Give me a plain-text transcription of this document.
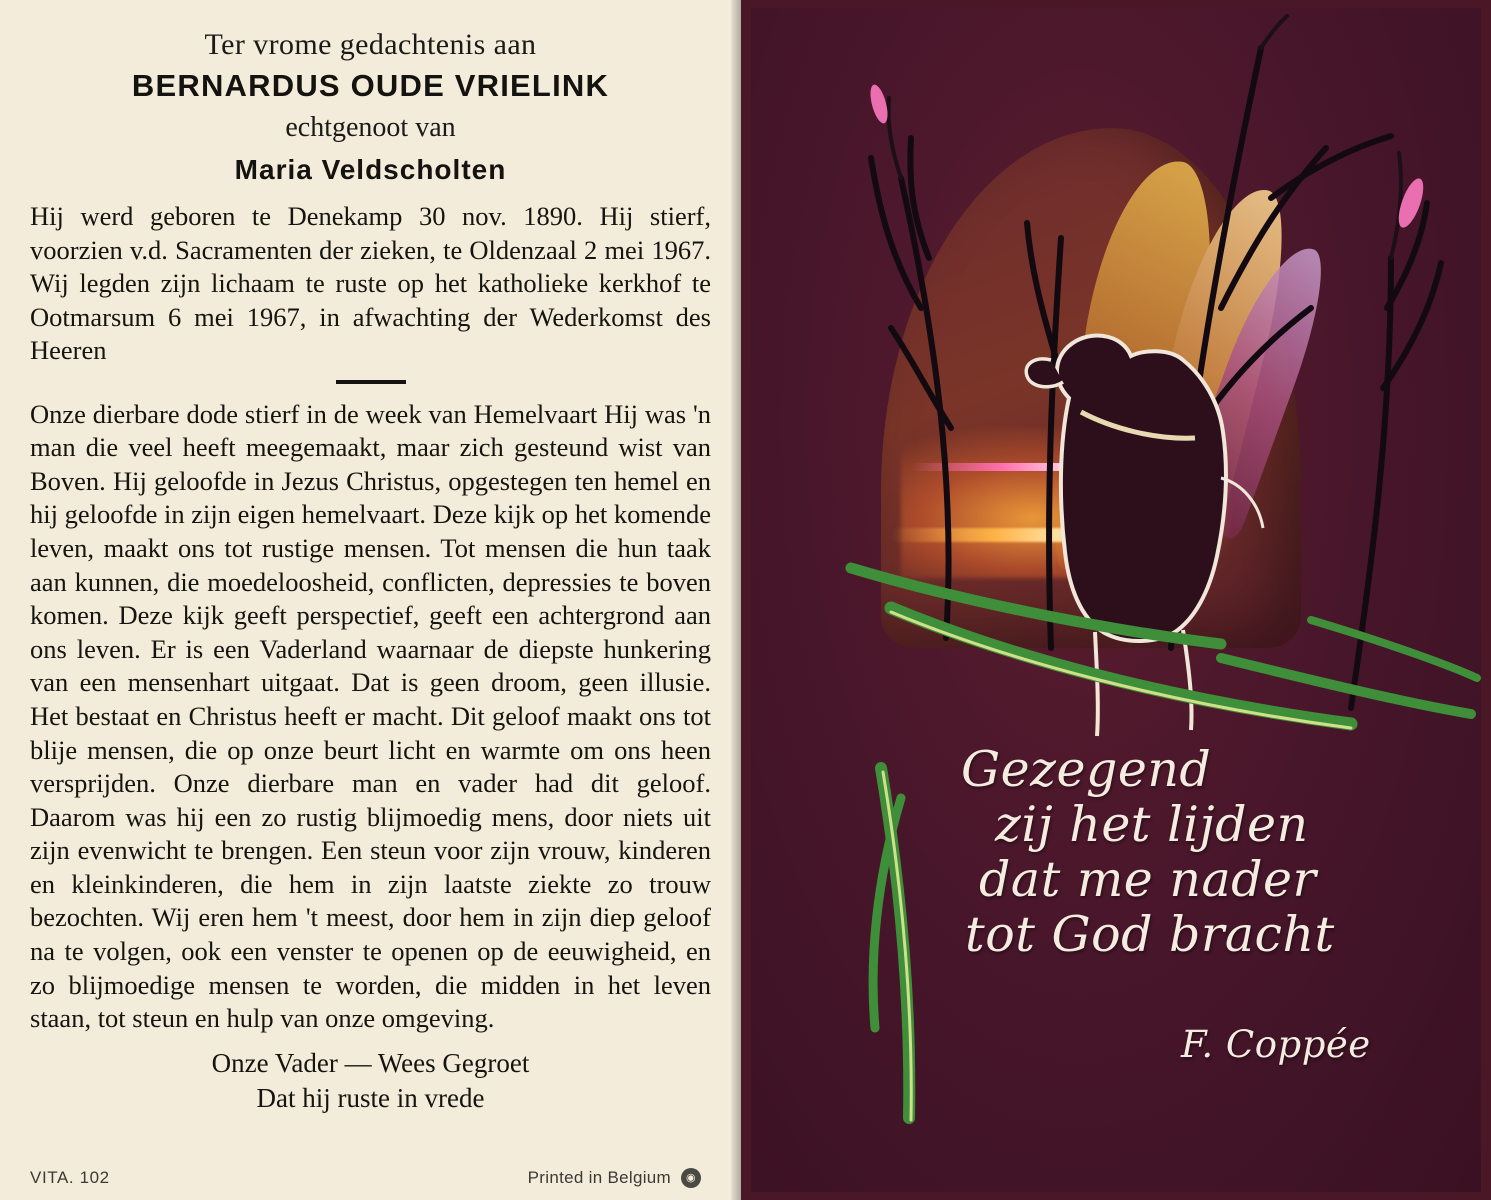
Ter vrome gedachtenis aan
BERNARDUS OUDE VRIELINK
echtgenoot van
Maria Veldscholten
Hij werd geboren te Denekamp 30 nov. 1890. Hij stierf, voorzien v.d. Sacramenten der zieken, te Oldenzaal 2 mei 1967. Wij legden zijn lichaam te ruste op het katholieke kerkhof te Ootmarsum 6 mei 1967, in afwachting der Wederkomst des Heeren
Onze dierbare dode stierf in de week van Hemelvaart Hij was 'n man die veel heeft meegemaakt, maar zich gesteund wist van Boven. Hij geloofde in Jezus Christus, opgestegen ten hemel en hij geloofde in zijn eigen hemelvaart. Deze kijk op het komende leven, maakt ons tot rustige mensen. Tot mensen die hun taak aan kunnen, die moedeloosheid, conflicten, depressies te boven komen. Deze kijk geeft perspectief, geeft een achtergrond aan ons leven. Er is een Vaderland waarnaar de diepste hunkering van een mensenhart uitgaat. Dat is geen droom, geen illusie. Het bestaat en Christus heeft er macht. Dit geloof maakt ons tot blije mensen, die op onze beurt licht en warmte om ons heen versprijden. Onze dierbare man en vader had dit geloof. Daarom was hij een zo rustig blijmoedig mens, door niets uit zijn evenwicht te brengen. Een steun voor zijn vrouw, kinderen en kleinkinderen, die hem in zijn laatste ziekte zo trouw bezochten. Wij eren hem 't meest, door hem in zijn diep geloof na te volgen, ook een venster te openen op de eeuwigheid, en zo blijmoedige mensen te worden, die midden in het leven staan, tot steun en hulp van onze omgeving.
Onze Vader — Wees Gegroet
Dat hij ruste in vrede
VITA. 102	Printed in Belgium	◉
Gezegend
zij het lijden
dat me nader
tot God bracht
F. Coppée
